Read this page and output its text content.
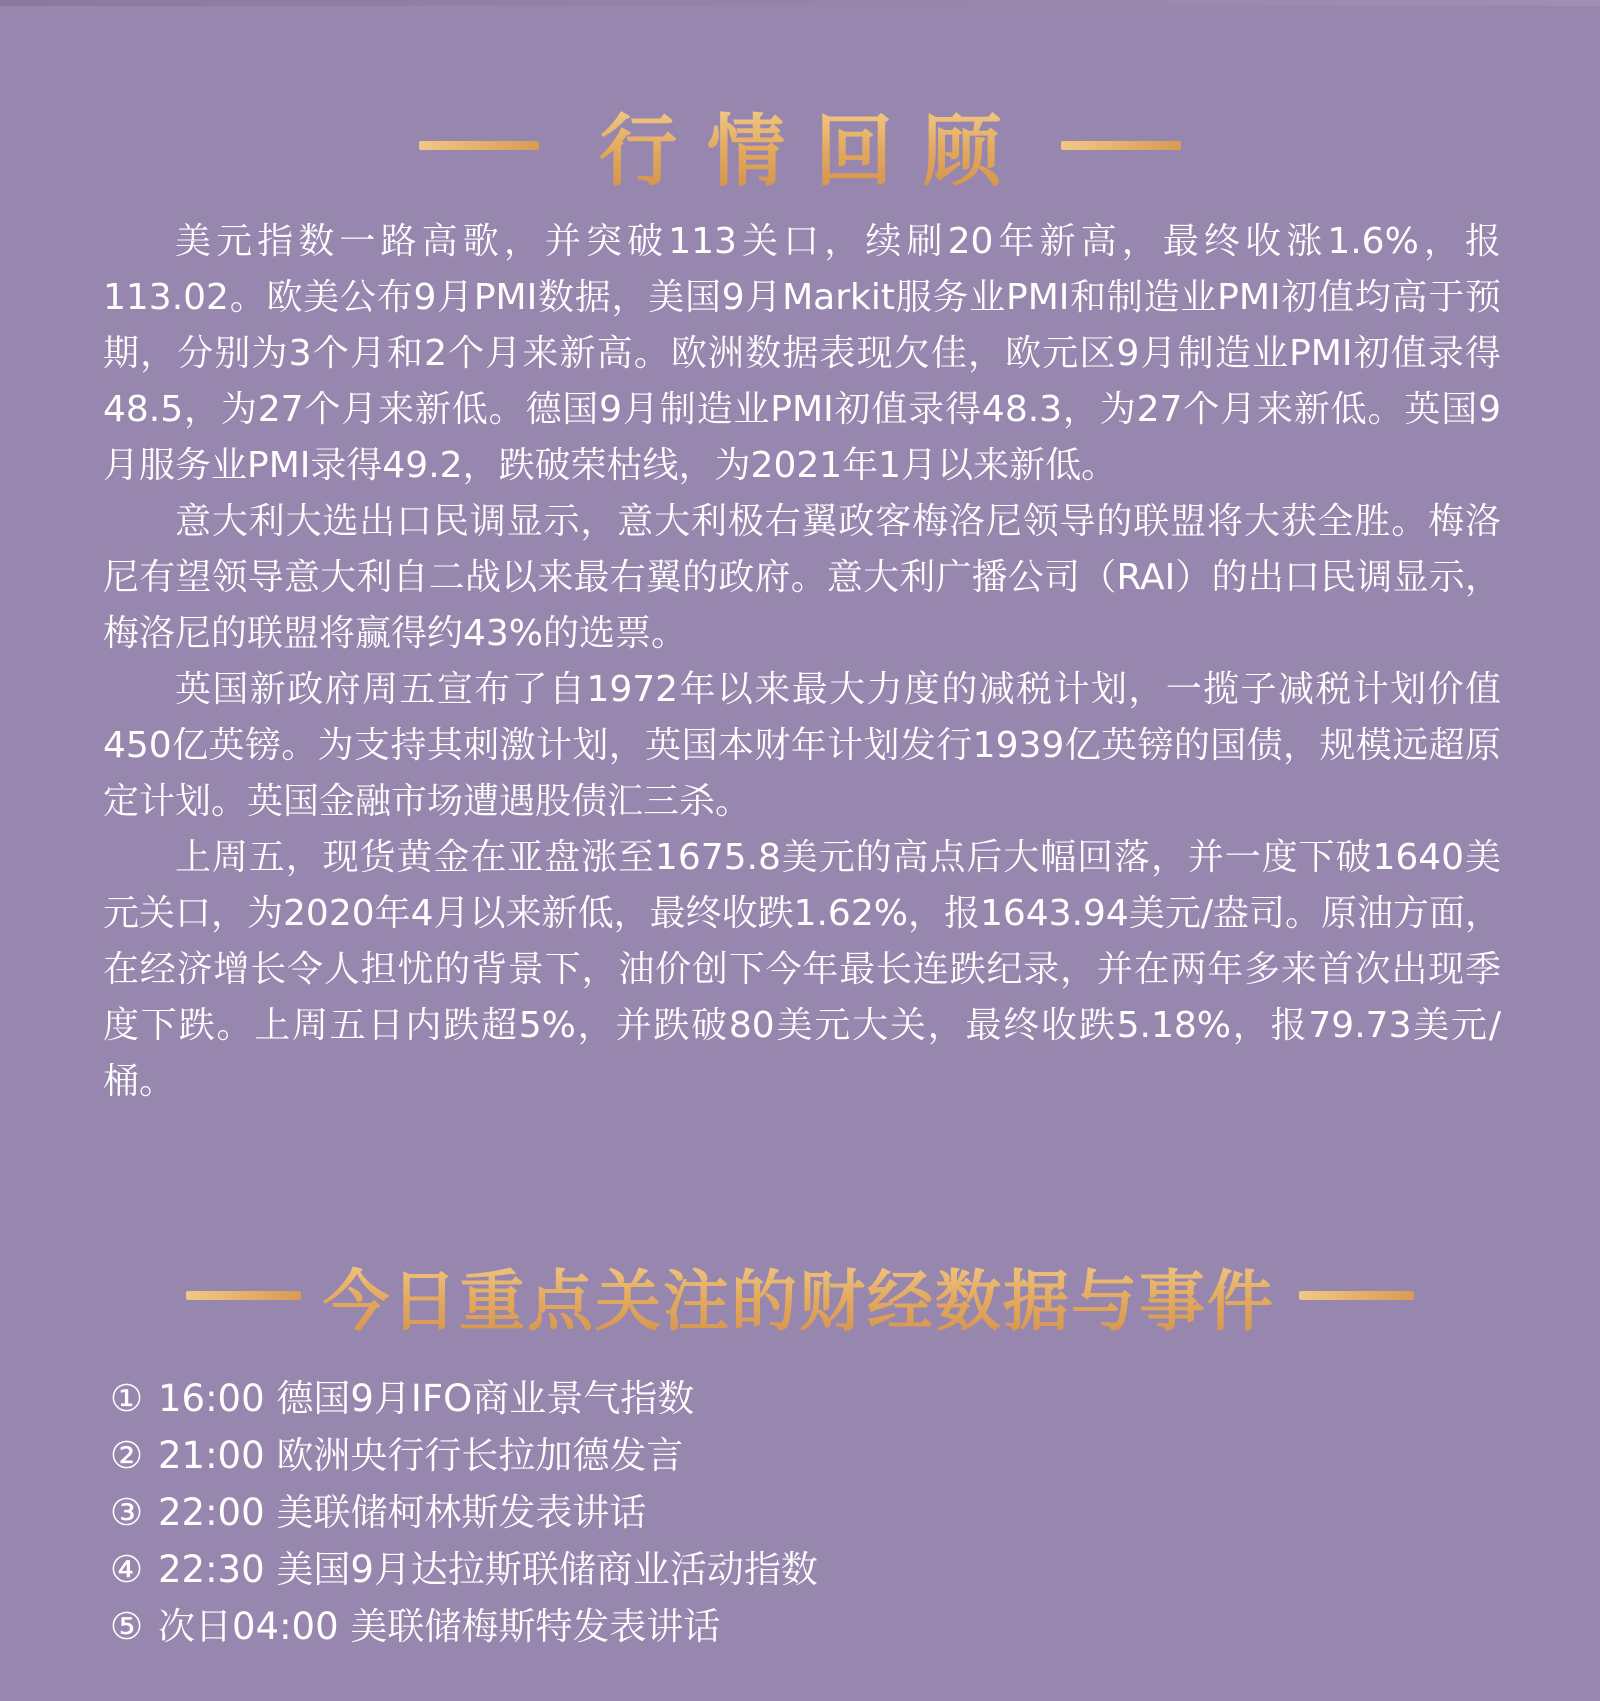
行情回顾

美元指数一路高歌，并突破113关口，续刷20年新高，最终收涨1.6%，报113.02。欧美公布9月PMI数据，美国9月Markit服务业PMI和制造业PMI初值均高于预期，分别为3个月和2个月来新高。欧洲数据表现欠佳，欧元区9月制造业PMI初值录得48.5，为27个月来新低。德国9月制造业PMI初值录得48.3，为27个月来新低。英国9月服务业PMI录得49.2，跌破荣枯线，为2021年1月以来新低。

意大利大选出口民调显示，意大利极右翼政客梅洛尼领导的联盟将大获全胜。梅洛尼有望领导意大利自二战以来最右翼的政府。意大利广播公司（RAI）的出口民调显示，梅洛尼的联盟将赢得约43%的选票。

英国新政府周五宣布了自1972年以来最大力度的减税计划，一揽子减税计划价值450亿英镑。为支持其刺激计划，英国本财年计划发行1939亿英镑的国债，规模远超原定计划。英国金融市场遭遇股债汇三杀。

上周五，现货黄金在亚盘涨至1675.8美元的高点后大幅回落，并一度下破1640美元关口，为2020年4月以来新低，最终收跌1.62%，报1643.94美元/盎司。原油方面，在经济增长令人担忧的背景下，油价创下今年最长连跌纪录，并在两年多来首次出现季度下跌。上周五日内跌超5%，并跌破80美元大关，最终收跌5.18%，报79.73美元/桶。

今日重点关注的财经数据与事件
① 16:00 德国9月IFO商业景气指数
② 21:00 欧洲央行行长拉加德发言
③ 22:00 美联储柯林斯发表讲话
④ 22:30 美国9月达拉斯联储商业活动指数
⑤ 次日04:00 美联储梅斯特发表讲话
